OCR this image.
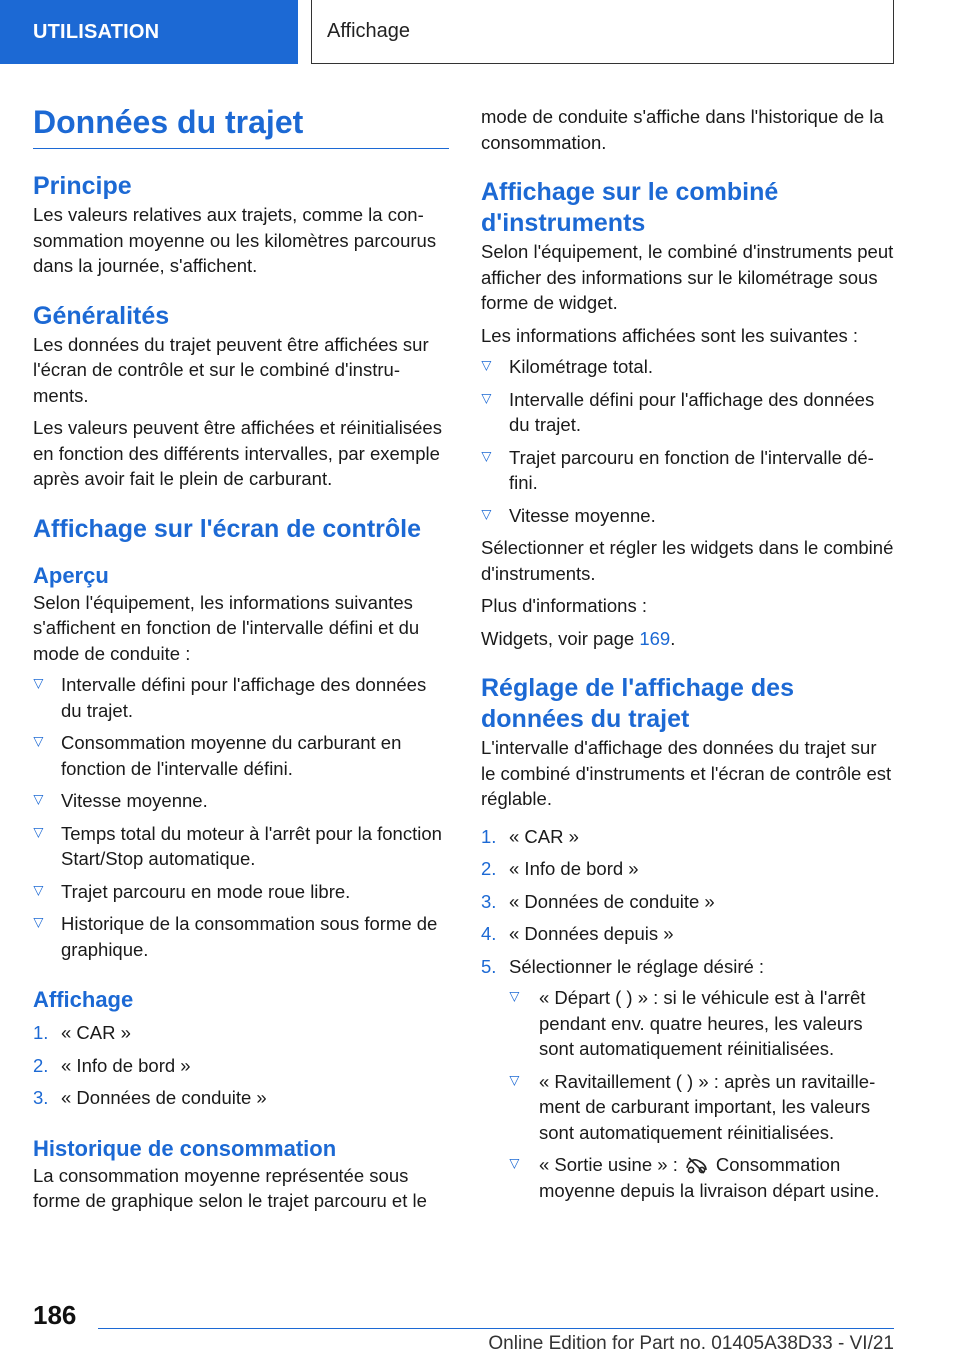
UTILISATION	Affichage
Données du trajet
Principe

Les valeurs relatives aux trajets, comme la consommation moyenne ou les kilomètres parcourus dans la journée, s'affichent.

Généralités

Les données du trajet peuvent être affichées sur l'écran de contrôle et sur le combiné d'instruments.

Les valeurs peuvent être affichées et réinitialisées en fonction des différents intervalles, par exemple après avoir fait le plein de carburant.

Affichage sur l'écran de contrôle
Aperçu

Selon l'équipement, les informations suivantes s'affichent en fonction de l'intervalle défini et du mode de conduite :

▷ Intervalle défini pour l'affichage des données du trajet.
▷ Consommation moyenne du carburant en fonction de l'intervalle défini.
▷ Vitesse moyenne.
▷ Temps total du moteur à l'arrêt pour la fonction Start/Stop automatique.
▷ Trajet parcouru en mode roue libre.
▷ Historique de la consommation sous forme de graphique.
Affichage
1. « CAR »
2. « Info de bord »
3. « Données de conduite »
Historique de consommation

La consommation moyenne représentée sous forme de graphique selon le trajet parcouru et le

mode de conduite s'affiche dans l'historique de la consommation.

Affichage sur le combiné d'instruments

Selon l'équipement, le combiné d'instruments peut afficher des informations sur le kilométrage sous forme de widget.

Les informations affichées sont les suivantes :

▷ Kilométrage total.
▷ Intervalle défini pour l'affichage des données du trajet.
▷ Trajet parcouru en fonction de l'intervalle défini.
▷ Vitesse moyenne.

Sélectionner et régler les widgets dans le combiné d'instruments.

Plus d'informations :

Widgets, voir page 169.

Réglage de l'affichage des données du trajet

L'intervalle d'affichage des données du trajet sur le combiné d'instruments et l'écran de contrôle est réglable.

1. « CAR »
2. « Info de bord »
3. « Données de conduite »
4. « Données depuis »
5. Sélectionner le réglage désiré :
▷ « Départ ( ) » : si le véhicule est à l'arrêt pendant env. quatre heures, les valeurs sont automatiquement réinitialisées.
▷ « Ravitaillement ( ) » : après un ravitaillement de carburant important, les valeurs sont automatiquement réinitialisées.
▷ « Sortie usine » : Consommation moyenne depuis la livraison départ usine.
186
Online Edition for Part no. 01405A38D33 - VI/21
